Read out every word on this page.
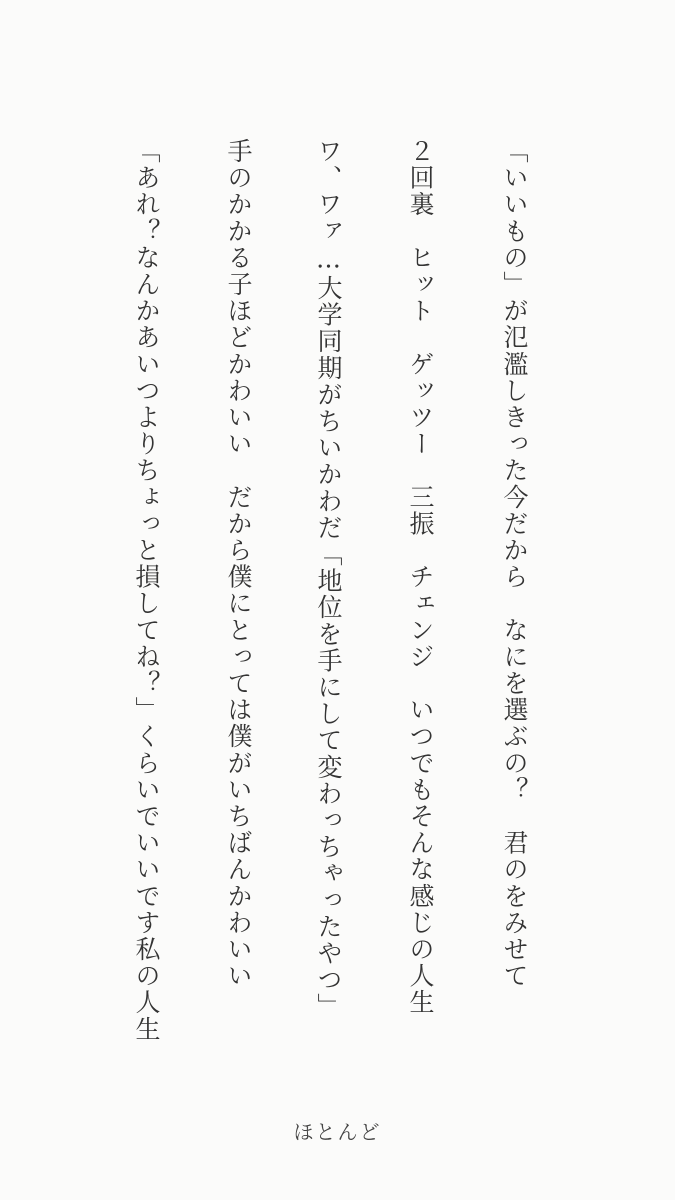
「いいもの」が氾濫しきった今だから　なにを選ぶの？　君のをみせて
２回裏　ヒット　ゲッツー　三振　チェンジ　いつでもそんな感じの人生
ワ、ワァ…大学同期がちいかわだ「地位を手にして変わっちゃったやつ」
手のかかる子ほどかわいい　だから僕にとっては僕がいちばんかわいい
「あれ？なんかあいつよりちょっと損してね？」くらいでいいです私の人生
ほとんど
